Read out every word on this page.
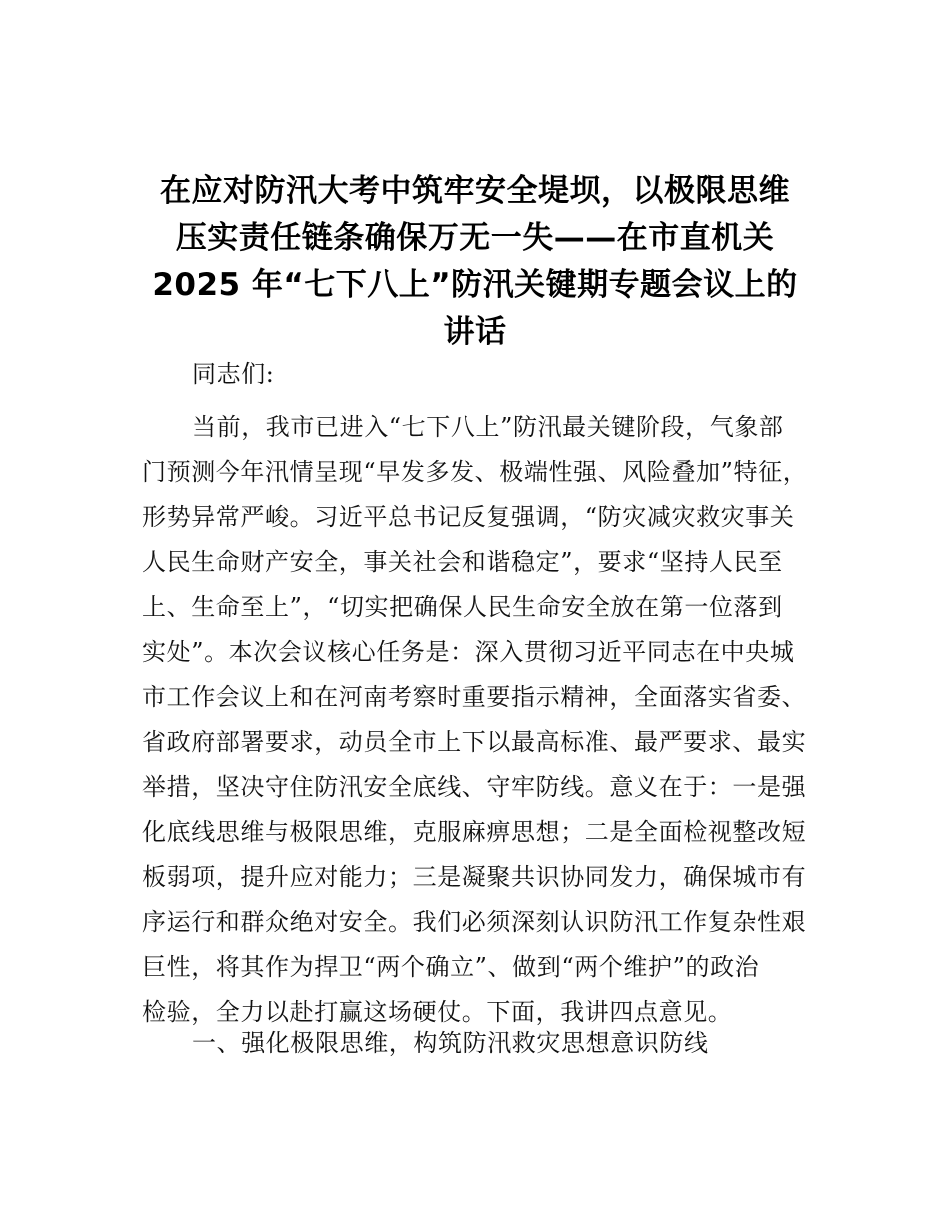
在应对防汛大考中筑牢安全堤坝，以极限思维
压实责任链条确保万无一失——在市直机关
2025 年“七下八上”防汛关键期专题会议上的
讲话

同志们:

当前，我市已进入“七下八上”防汛最关键阶段，气象部
门预测今年汛情呈现“早发多发、极端性强、风险叠加”特征，
形势异常严峻。习近平总书记反复强调，“防灾减灾救灾事关
人民生命财产安全，事关社会和谐稳定”，要求“坚持人民至
上、生命至上”，“切实把确保人民生命安全放在第一位落到
实处”。本次会议核心任务是：深入贯彻习近平同志在中央城
市工作会议上和在河南考察时重要指示精神，全面落实省委、
省政府部署要求，动员全市上下以最高标准、最严要求、最实
举措，坚决守住防汛安全底线、守牢防线。意义在于：一是强
化底线思维与极限思维，克服麻痹思想；二是全面检视整改短
板弱项，提升应对能力；三是凝聚共识协同发力，确保城市有
序运行和群众绝对安全。我们必须深刻认识防汛工作复杂性艰
巨性，将其作为捍卫“两个确立”、做到“两个维护”的政治
检验，全力以赴打赢这场硬仗。下面，我讲四点意见。

一、强化极限思维，构筑防汛救灾思想意识防线
